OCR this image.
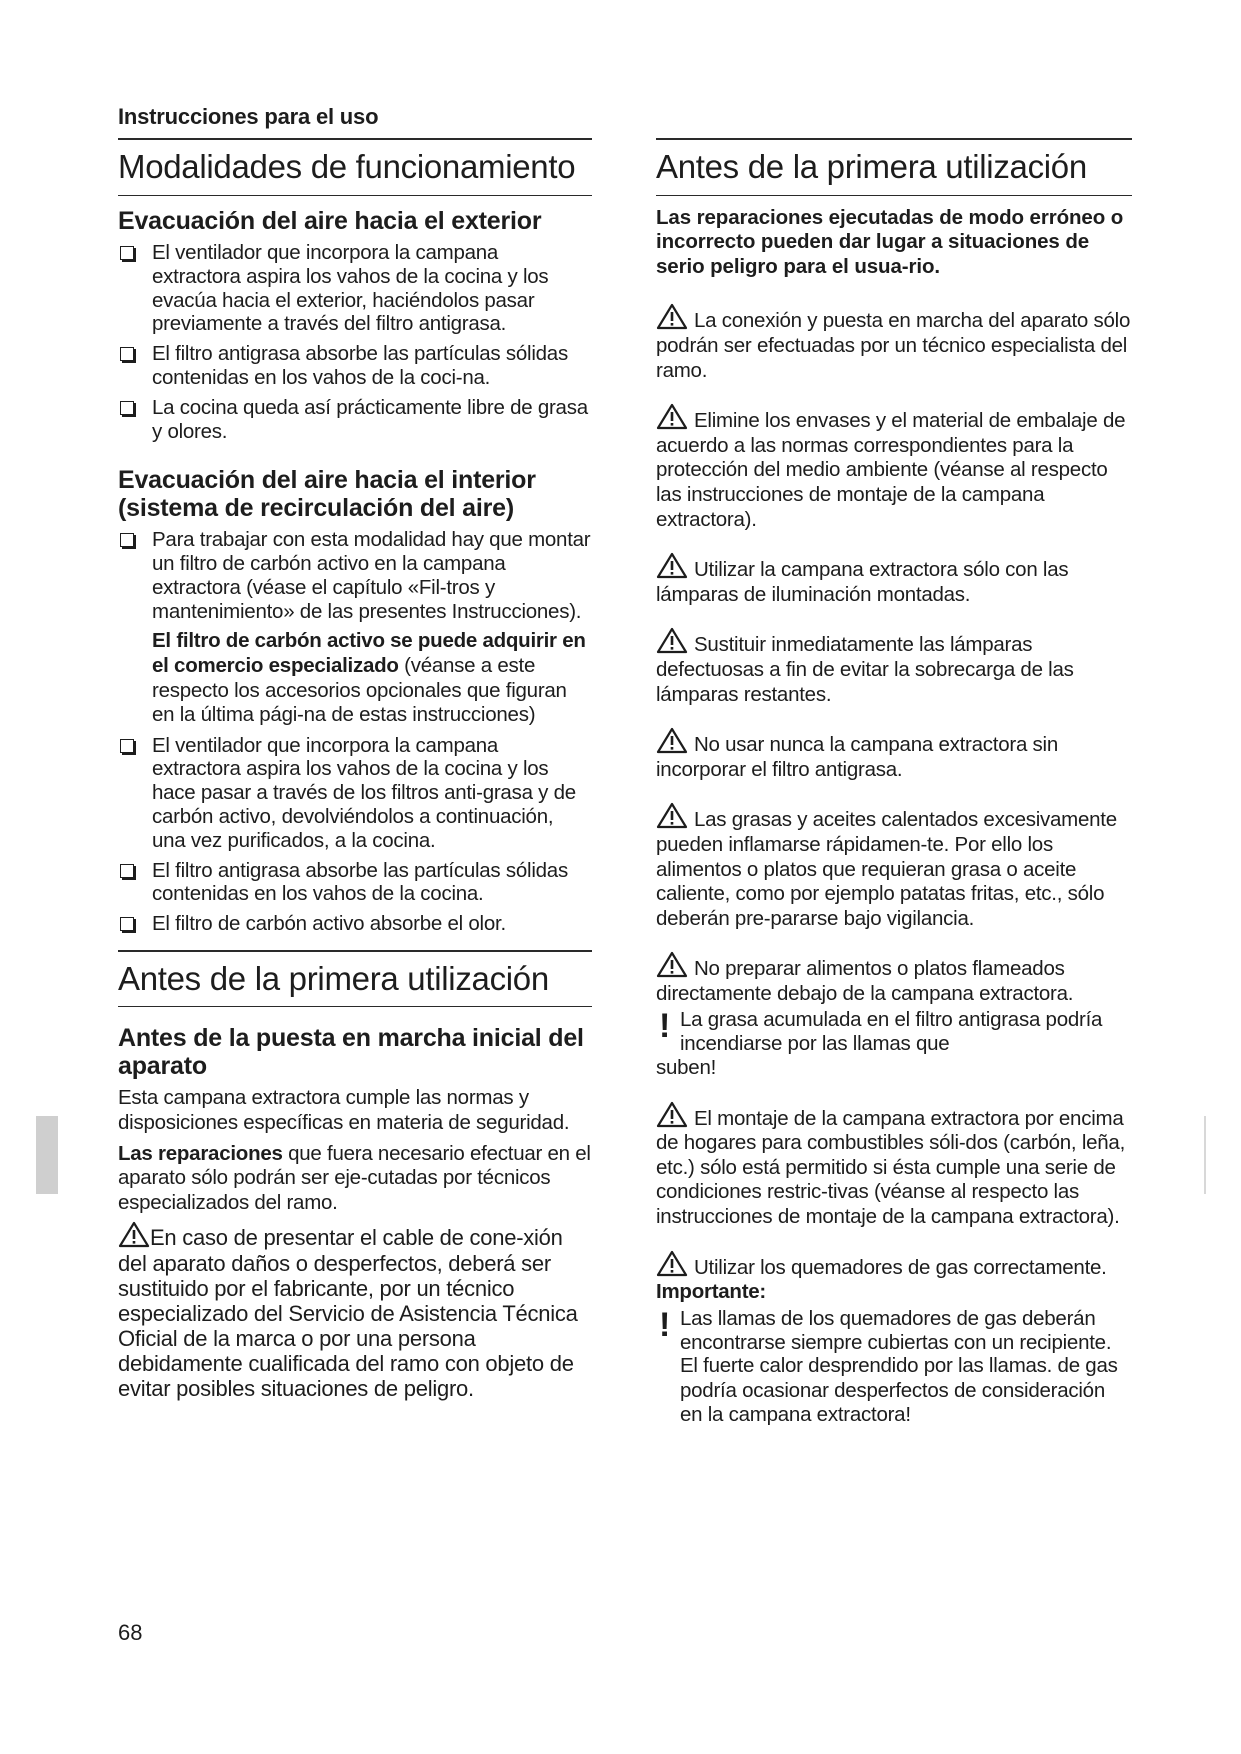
Instrucciones para el uso
Modalidades de funcionamiento
Evacuación del aire hacia el exterior
El ventilador que incorpora la campana extractora aspira los vahos de la cocina y los evacúa hacia el exterior, haciéndolos pasar previamente a través del filtro antigrasa.
El filtro antigrasa absorbe las partículas sólidas contenidas en los vahos de la coci-na.
La cocina queda así prácticamente libre de grasa y olores.
Evacuación del aire hacia el interior (sistema de recirculación del aire)
Para trabajar con esta modalidad hay que montar un filtro de carbón activo en la campana extractora (véase el capítulo «Fil-tros y mantenimiento» de las presentes Instrucciones).
El filtro de carbón activo se puede adquirir en el comercio especializado (véanse a este respecto los accesorios opcionales que figuran en la última pági-na de estas instrucciones)
El ventilador que incorpora la campana extractora aspira los vahos de la cocina y los hace pasar a través de los filtros anti-grasa y de carbón activo, devolviéndolos a continuación, una vez purificados, a la cocina.
El filtro antigrasa absorbe las partículas sólidas contenidas en los vahos de la cocina.
El filtro de carbón activo absorbe el olor.
Antes de la primera utilización
Antes de la puesta en marcha inicial del aparato
Esta campana extractora cumple las normas y disposiciones específicas en materia de seguridad.
Las reparaciones que fuera necesario efectuar en el aparato sólo podrán ser eje-cutadas por técnicos especializados del ramo.
En caso de presentar el cable de cone-xión del aparato daños o desperfectos, deberá ser sustituido por el fabricante, por un técnico especializado del Servicio de Asistencia Técnica Oficial de la marca o por una persona debidamente cualificada del ramo con objeto de evitar posibles situaciones de peligro.
Antes de la primera utilización
Las reparaciones ejecutadas de modo erróneo o incorrecto pueden dar lugar a situaciones de serio peligro para el usua-rio.
La conexión y puesta en marcha del aparato sólo podrán ser efectuadas por un técnico especialista del ramo.
Elimine los envases y el material de embalaje de acuerdo a las normas correspondientes para la protección del medio ambiente (véanse al respecto las instrucciones de montaje de la campana extractora).
Utilizar la campana extractora sólo con las lámparas de iluminación montadas.
Sustituir inmediatamente las lámparas defectuosas a fin de evitar la sobrecarga de las lámparas restantes.
No usar nunca la campana extractora sin incorporar el filtro antigrasa.
Las grasas y aceites calentados excesivamente pueden inflamarse rápidamen-te. Por ello los alimentos o platos que requieran grasa o aceite caliente, como por ejemplo patatas fritas, etc., sólo deberán pre-pararse bajo vigilancia.
No preparar alimentos o platos flameados directamente debajo de la campana extractora.
! La grasa acumulada en el filtro antigrasa podría incendiarse por las llamas que
suben!
El montaje de la campana extractora por encima de hogares para combustibles sóli-dos (carbón, leña, etc.) sólo está permitido si ésta cumple una serie de condiciones restric-tivas (véanse al respecto las instrucciones de montaje de la campana extractora).
Utilizar los quemadores de gas correctamente.
Importante:
! Las llamas de los quemadores de gas deberán encontrarse siempre cubiertas con un recipiente.
El fuerte calor desprendido por las llamas. de gas podría ocasionar desperfectos de consideración en la campana extractora!
68
